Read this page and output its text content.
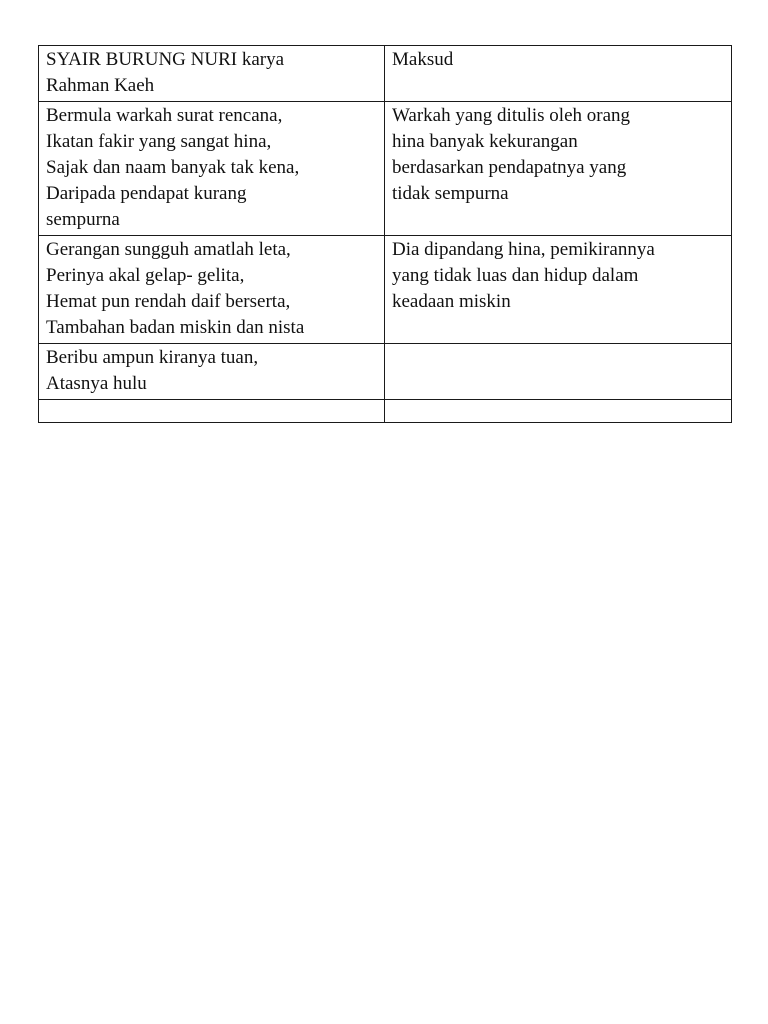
SYAIR BURUNG NURI karya
Rahman Kaeh	Maksud

Bermula warkah surat rencana,
Ikatan fakir yang sangat hina,
Sajak dan naam banyak tak kena,
Daripada pendapat kurang
sempurna	Warkah yang ditulis oleh orang
hina banyak kekurangan
berdasarkan pendapatnya yang
tidak sempurna

Gerangan sungguh amatlah leta,
Perinya akal gelap- gelita,
Hemat pun rendah daif berserta,
Tambahan badan miskin dan nista	Dia dipandang hina, pemikirannya
yang tidak luas dan hidup dalam
keadaan miskin

Beribu ampun kiranya tuan,
Atasnya hulu	
